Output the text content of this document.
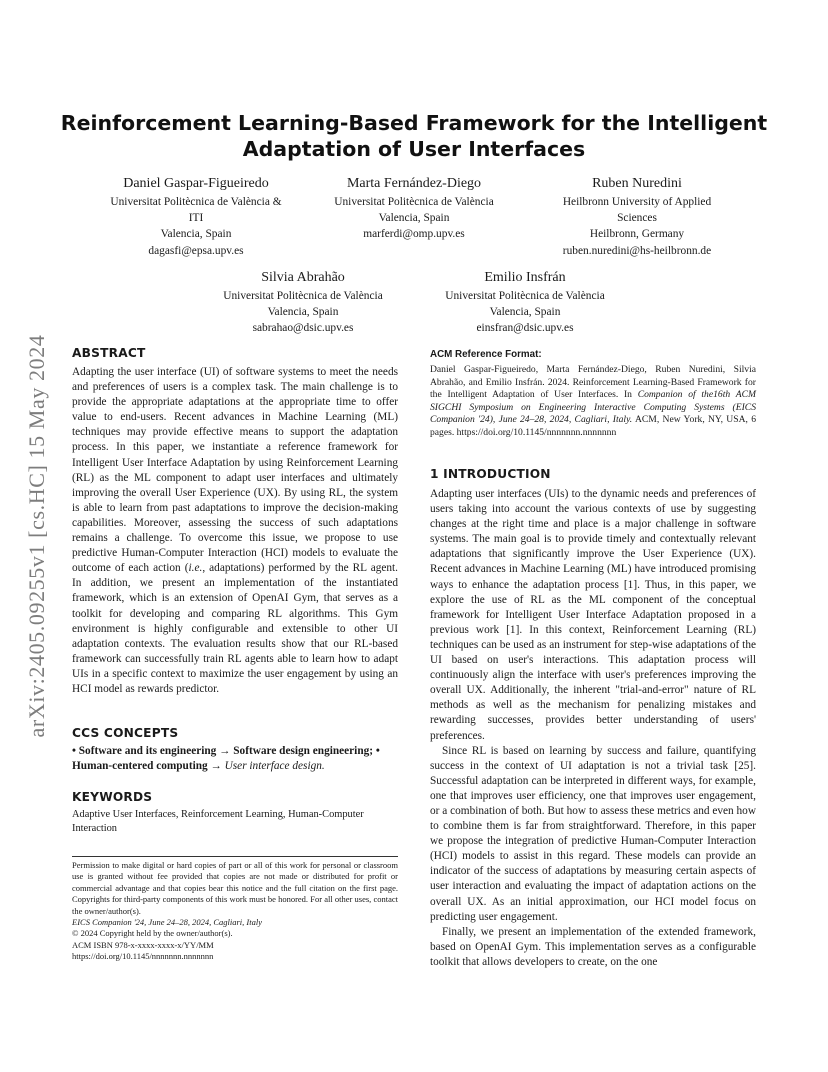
arXiv:2405.09255v1 [cs.HC] 15 May 2024
Reinforcement Learning-Based Framework for the Intelligent
Adaptation of User Interfaces
Daniel Gaspar-Figueiredo
Universitat Politècnica de València &
ITI
Valencia, Spain
dagasfi@epsa.upv.es
Marta Fernández-Diego
Universitat Politècnica de València
Valencia, Spain
marferdi@omp.upv.es
Ruben Nuredini
Heilbronn University of Applied
Sciences
Heilbronn, Germany
ruben.nuredini@hs-heilbronn.de
Silvia Abrahão
Universitat Politècnica de València
Valencia, Spain
sabrahao@dsic.upv.es
Emilio Insfrán
Universitat Politècnica de València
Valencia, Spain
einsfran@dsic.upv.es
ABSTRACT
Adapting the user interface (UI) of software systems to meet the needs and preferences of users is a complex task. The main challenge is to provide the appropriate adaptations at the appropriate time to offer value to end-users. Recent advances in Machine Learning (ML) techniques may provide effective means to support the adaptation process. In this paper, we instantiate a reference framework for Intelligent User Interface Adaptation by using Reinforcement Learning (RL) as the ML component to adapt user interfaces and ultimately improving the overall User Experience (UX). By using RL, the system is able to learn from past adaptations to improve the decision-making capabilities. Moreover, assessing the success of such adaptations remains a challenge. To overcome this issue, we propose to use predictive Human-Computer Interaction (HCI) models to evaluate the outcome of each action (i.e., adaptations) performed by the RL agent. In addition, we present an implementation of the instantiated framework, which is an extension of OpenAI Gym, that serves as a toolkit for developing and comparing RL algorithms. This Gym environment is highly configurable and extensible to other UI adaptation contexts. The evaluation results show that our RL-based framework can successfully train RL agents able to learn how to adapt UIs in a specific context to maximize the user engagement by using an HCI model as rewards predictor.
CCS CONCEPTS
• Software and its engineering → Software design engineering; • Human-centered computing → User interface design.
KEYWORDS
Adaptive User Interfaces, Reinforcement Learning, Human-Computer Interaction
Permission to make digital or hard copies of part or all of this work for personal or classroom use is granted without fee provided that copies are not made or distributed for profit or commercial advantage and that copies bear this notice and the full citation on the first page. Copyrights for third-party components of this work must be honored. For all other uses, contact the owner/author(s).
EICS Companion '24, June 24–28, 2024, Cagliari, Italy
© 2024 Copyright held by the owner/author(s).
ACM ISBN 978-x-xxxx-xxxx-x/YY/MM
https://doi.org/10.1145/nnnnnnn.nnnnnnn
ACM Reference Format:
Daniel Gaspar-Figueiredo, Marta Fernández-Diego, Ruben Nuredini, Silvia Abrahão, and Emilio Insfrán. 2024. Reinforcement Learning-Based Framework for the Intelligent Adaptation of User Interfaces. In Companion of the16th ACM SIGCHI Symposium on Engineering Interactive Computing Systems (EICS Companion '24), June 24–28, 2024, Cagliari, Italy. ACM, New York, NY, USA, 6 pages. https://doi.org/10.1145/nnnnnnn.nnnnnnn
1 INTRODUCTION

Adapting user interfaces (UIs) to the dynamic needs and preferences of users taking into account the various contexts of use by suggesting changes at the right time and place is a major challenge in software systems. The main goal is to provide timely and contextually relevant adaptations that significantly improve the User Experience (UX). Recent advances in Machine Learning (ML) have introduced promising ways to enhance the adaptation process [1]. Thus, in this paper, we explore the use of RL as the ML component of the conceptual framework for Intelligent User Interface Adaptation proposed in a previous work [1]. In this context, Reinforcement Learning (RL) techniques can be used as an instrument for step-wise adaptations of the UI based on user's interactions. This adaptation process will continuously align the interface with user's preferences improving the overall UX. Additionally, the inherent "trial-and-error" nature of RL methods as well as the mechanism for penalizing mistakes and rewarding successes, provides better understanding of users' preferences.

Since RL is based on learning by success and failure, quantifying success in the context of UI adaptation is not a trivial task [25]. Successful adaptation can be interpreted in different ways, for example, one that improves user efficiency, one that improves user engagement, or a combination of both. But how to assess these metrics and even how to combine them is far from straightforward. Therefore, in this paper we propose the integration of predictive Human-Computer Interaction (HCI) models to assist in this regard. These models can provide an indicator of the success of adaptations by measuring certain aspects of user interaction and evaluating the impact of adaptation actions on the overall UX. As an initial approximation, our HCI model focus on predicting user engagement.

Finally, we present an implementation of the extended framework, based on OpenAI Gym. This implementation serves as a configurable toolkit that allows developers to create, on the one
